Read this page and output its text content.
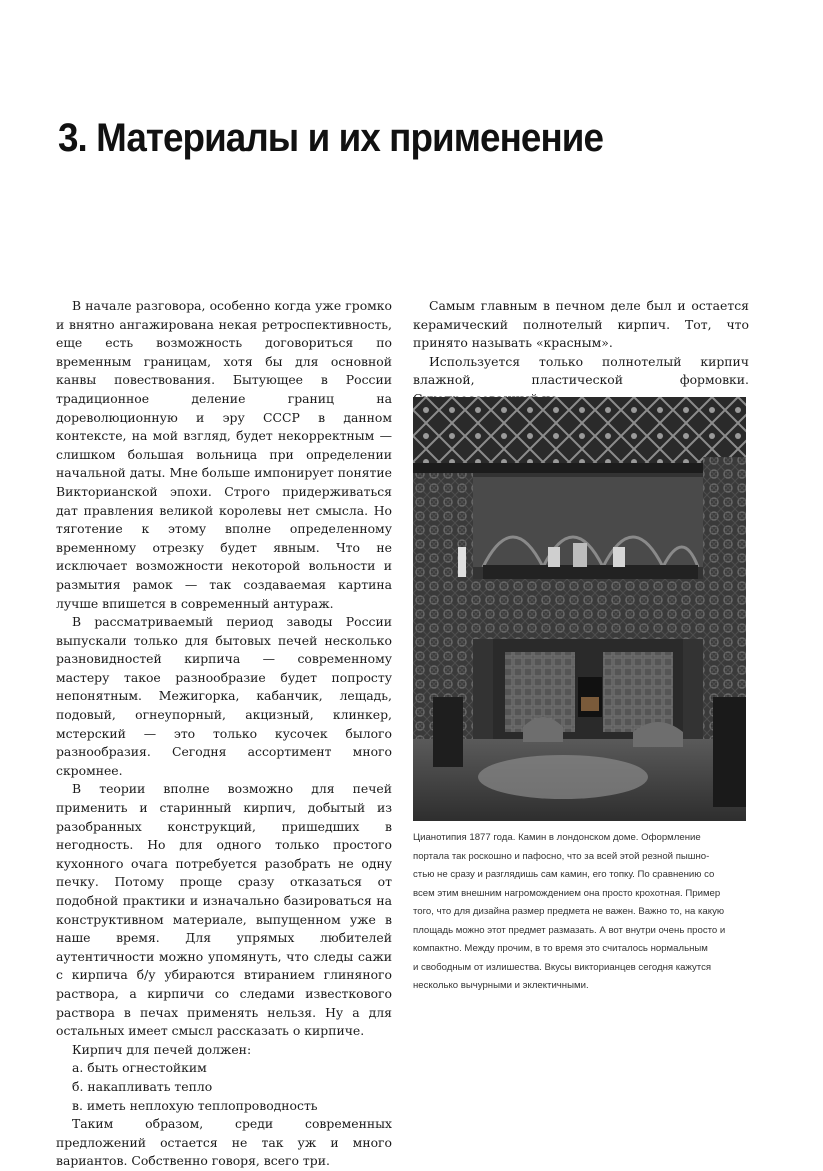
3. Материалы и их применение

В начале разговора, особенно когда уже громко и внятно ангажирована некая ретроспективность, еще есть возможность договориться по временным границам, хотя бы для основной канвы повествования. Бытующее в России традиционное деление границ на дореволюционную и эру СССР в данном контексте, на мой взгляд, будет некорректным — слишком большая вольница при определении начальной даты. Мне больше импонирует понятие Викторианской эпохи. Строго придерживаться дат правления великой королевы нет смысла. Но тяготение к этому вполне определенному временному отрезку будет явным. Что не исключает возможности некоторой вольности и размытия рамок — так создаваемая картина лучше впишется в современный антураж.

В рассматриваемый период заводы России выпускали только для бытовых печей несколько разновидностей кирпича — современному мастеру такое разнообразие будет попросту непонятным. Межигорка, кабанчик, лещадь, подовый, огнеупорный, акцизный, клинкер, мстерский — это только кусочек былого разнообразия. Сегодня ассортимент много скромнее.

В теории вполне возможно для печей применить и старинный кирпич, добытый из разобранных конструкций, пришедших в негодность. Но для одного только простого кухонного очага потребуется разобрать не одну печку. Потому проще сразу отказаться от подобной практики и изначально базироваться на конструктивном материале, выпущенном уже в наше время. Для упрямых любителей аутентичности можно упомянуть, что следы сажи с кирпича б/у убираются втиранием глиняного раствора, а кирпичи со следами известкового раствора в печах применять нельзя. Ну а для остальных имеет смысл рассказать о кирпиче.

Кирпич для печей должен:

а. быть огнестойким
б. накапливать тепло
в. иметь неплохую теплопроводность

Таким образом, среди современных предложений остается не так уж и много вариантов. Собственно говоря, всего три.

Самым главным в печном деле был и остается керамический полнотелый кирпич. Тот, что принято называть «красным».

Используется только полнотелый кирпич влажной, пластической формовки.

Цианотипия 1877 года. Камин в лондонском доме. Оформление
портала так роскошно и пафосно, что за всей этой резной пышно-
стью не сразу и разглядишь сам камин, его топку. По сравнению со
всем этим внешним нагромождением она просто крохотная. Пример
того, что для дизайна размер предмета не важен. Важно то, на какую
площадь можно этот предмет размазать. А вот внутри очень просто и
компактно. Между прочим, в то время это считалось нормальным
и свободным от излишества. Вкусы викторианцев сегодня кажутся
несколько вычурными и эклектичными.
